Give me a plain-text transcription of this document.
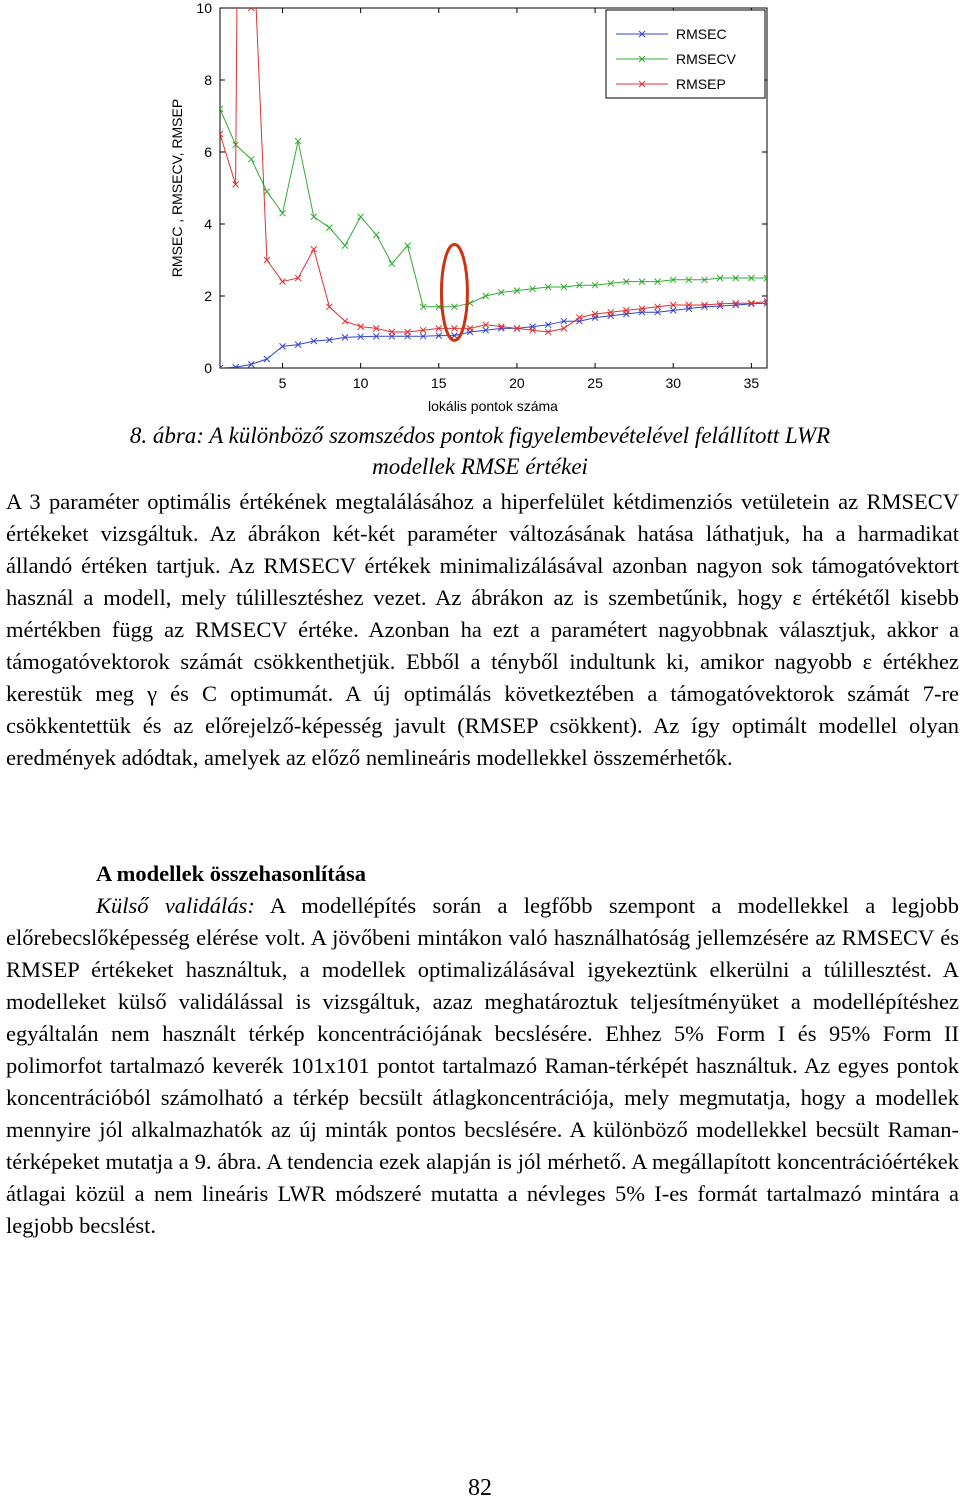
5	10	15	20	25	30	35
0
2
4
6
8
10
lokális pontok száma
RMSEC , RMSECV, RMSEP
RMSEC
RMSECV
RMSEP
8. ábra: A különböző szomszédos pontok figyelembevételével felállított LWR
modellek RMSE értékei

A 3 paraméter optimális értékének megtalálásához a hiperfelület kétdimenziós vetületein az RMSECV értékeket vizsgáltuk. Az ábrákon két-két paraméter változásának hatása láthatjuk, ha a harmadikat állandó értéken tartjuk. Az RMSECV értékek minimalizálásával azonban nagyon sok támogatóvektort használ a modell, mely túlillesztéshez vezet. Az ábrákon az is szembetűnik, hogy ε értékétől kisebb mértékben függ az RMSECV értéke. Azonban ha ezt a paramétert nagyobbnak választjuk, akkor a támogatóvektorok számát csökkenthetjük. Ebből a tényből indultunk ki, amikor nagyobb ε értékhez kerestük meg γ és C optimumát. A új optimálás következtében a támogatóvektorok számát 7-re csökkentettük és az előrejelző-képesség javult (RMSEP csökkent). Az így optimált modellel olyan eredmények adódtak, amelyek az előző nemlineáris modellekkel összemérhetők.

A modellek összehasonlítása

Külső validálás: A modellépítés során a legfőbb szempont a modellekkel a legjobb előrebecslőképesség elérése volt. A jövőbeni mintákon való használhatóság jellemzésére az RMSECV és RMSEP értékeket használtuk, a modellek optimalizálásával igyekeztünk elkerülni a túlillesztést. A modelleket külső validálással is vizsgáltuk, azaz meghatároztuk teljesítményüket a modellépítéshez egyáltalán nem használt térkép koncentrációjának becslésére. Ehhez 5% Form I és 95% Form II polimorfot tartalmazó keverék 101x101 pontot tartalmazó Raman-térképét használtuk. Az egyes pontok koncentrációból számolható a térkép becsült átlagkoncentrációja, mely megmutatja, hogy a modellek mennyire jól alkalmazhatók az új minták pontos becslésére. A különböző modellekkel becsült Raman-térképeket mutatja a 9. ábra. A tendencia ezek alapján is jól mérhető. A megállapított koncentrációértékek átlagai közül a nem lineáris LWR módszeré mutatta a névleges 5% I-es formát tartalmazó mintára a legjobb becslést.

82
